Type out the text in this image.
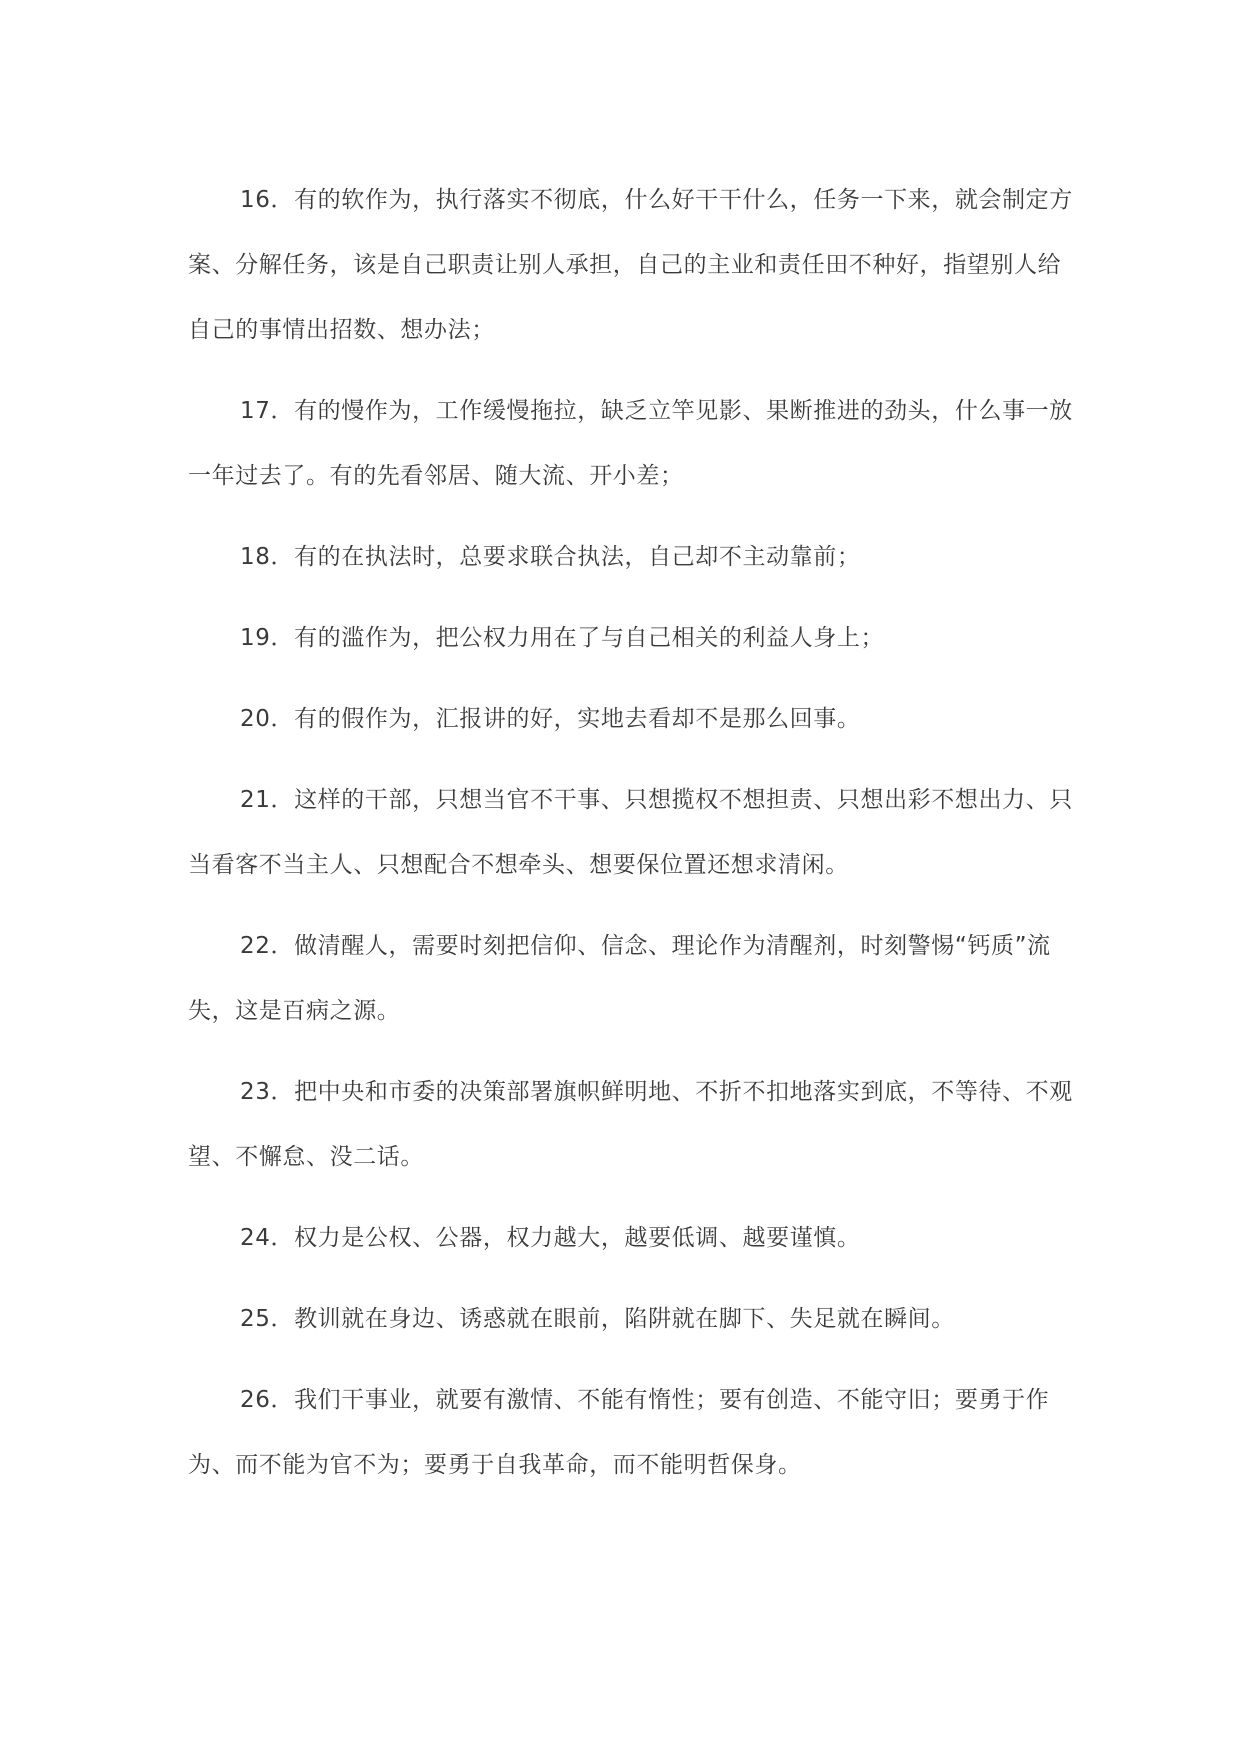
16．有的软作为，执行落实不彻底，什么好干干什么，任务一下来，就会制定方案、分解任务，该是自己职责让别人承担，自己的主业和责任田不种好，指望别人给自己的事情出招数、想办法；

17．有的慢作为，工作缓慢拖拉，缺乏立竿见影、果断推进的劲头，什么事一放一年过去了。有的先看邻居、随大流、开小差；

18．有的在执法时，总要求联合执法，自己却不主动靠前；

19．有的滥作为，把公权力用在了与自己相关的利益人身上；

20．有的假作为，汇报讲的好，实地去看却不是那么回事。

21．这样的干部，只想当官不干事、只想揽权不想担责、只想出彩不想出力、只当看客不当主人、只想配合不想牵头、想要保位置还想求清闲。

22．做清醒人，需要时刻把信仰、信念、理论作为清醒剂，时刻警惕“钙质”流失，这是百病之源。

23．把中央和市委的决策部署旗帜鲜明地、不折不扣地落实到底，不等待、不观望、不懈怠、没二话。

24．权力是公权、公器，权力越大，越要低调、越要谨慎。

25．教训就在身边、诱惑就在眼前，陷阱就在脚下、失足就在瞬间。

26．我们干事业，就要有激情、不能有惰性；要有创造、不能守旧；要勇于作为、而不能为官不为；要勇于自我革命，而不能明哲保身。
